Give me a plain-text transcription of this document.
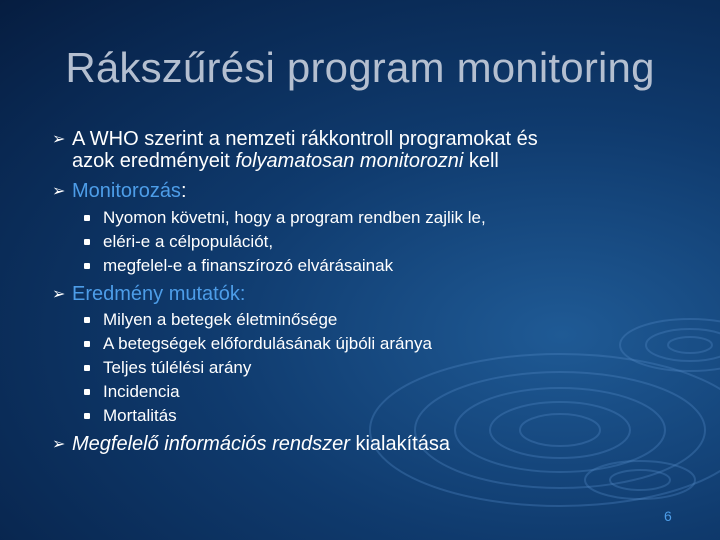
Rákszűrési program monitoring
➢ A WHO szerint a nemzeti rákkontroll programokat és
azok eredményeit folyamatosan monitorozni kell
➢ Monitorozás:
Nyomon követni, hogy a program rendben zajlik le,
eléri-e a célpopulációt,
megfelel-e a finanszírozó elvárásainak
➢ Eredmény mutatók:
Milyen a betegek életminősége
A betegségek előfordulásának újbóli aránya
Teljes túlélési arány
Incidencia
Mortalitás
➢ Megfelelő információs rendszer kialakítása
6
